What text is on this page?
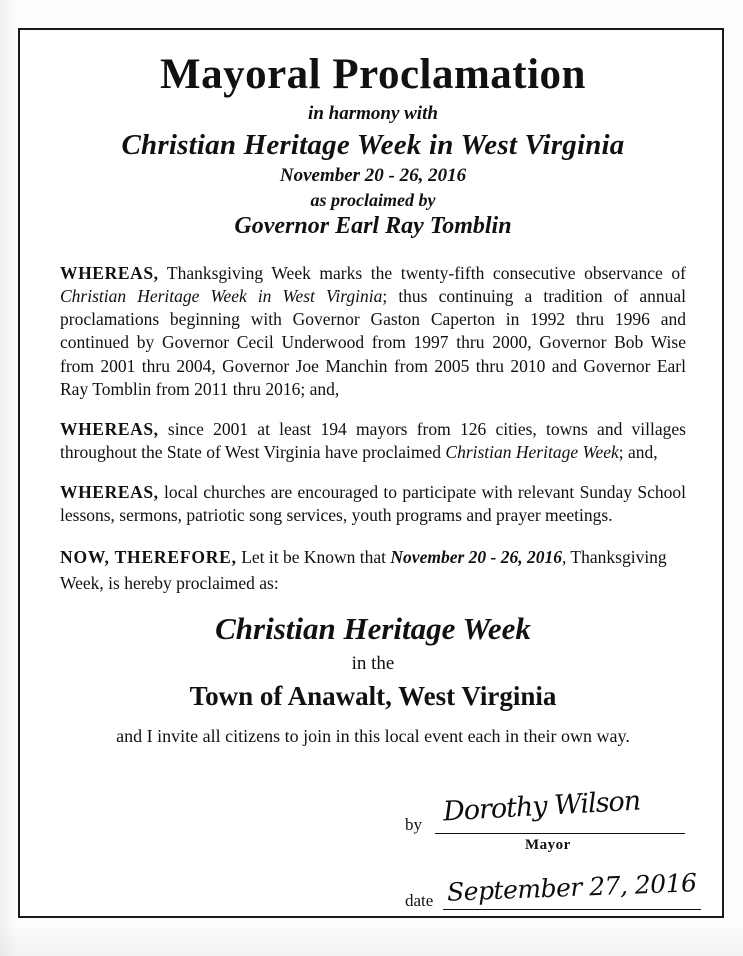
Mayoral Proclamation
in harmony with
Christian Heritage Week in West Virginia
November 20 - 26, 2016
as proclaimed by
Governor Earl Ray Tomblin

WHEREAS, Thanksgiving Week marks the twenty-fifth consecutive observance of Christian Heritage Week in West Virginia; thus continuing a tradition of annual proclamations beginning with Governor Gaston Caperton in 1992 thru 1996 and continued by Governor Cecil Underwood from 1997 thru 2000, Governor Bob Wise from 2001 thru 2004, Governor Joe Manchin from 2005 thru 2010 and Governor Earl Ray Tomblin from 2011 thru 2016; and,

WHEREAS, since 2001 at least 194 mayors from 126 cities, towns and villages throughout the State of West Virginia have proclaimed Christian Heritage Week; and,

WHEREAS, local churches are encouraged to participate with relevant Sunday School lessons, sermons, patriotic song services, youth programs and prayer meetings.

NOW, THEREFORE, Let it be Known that November 20 - 26, 2016, Thanksgiving Week, is hereby proclaimed as:

Christian Heritage Week
in the
Town of Anawalt, West Virginia
and I invite all citizens to join in this local event each in their own way.
by Dorothy Wilson
Mayor
date September 27, 2016
